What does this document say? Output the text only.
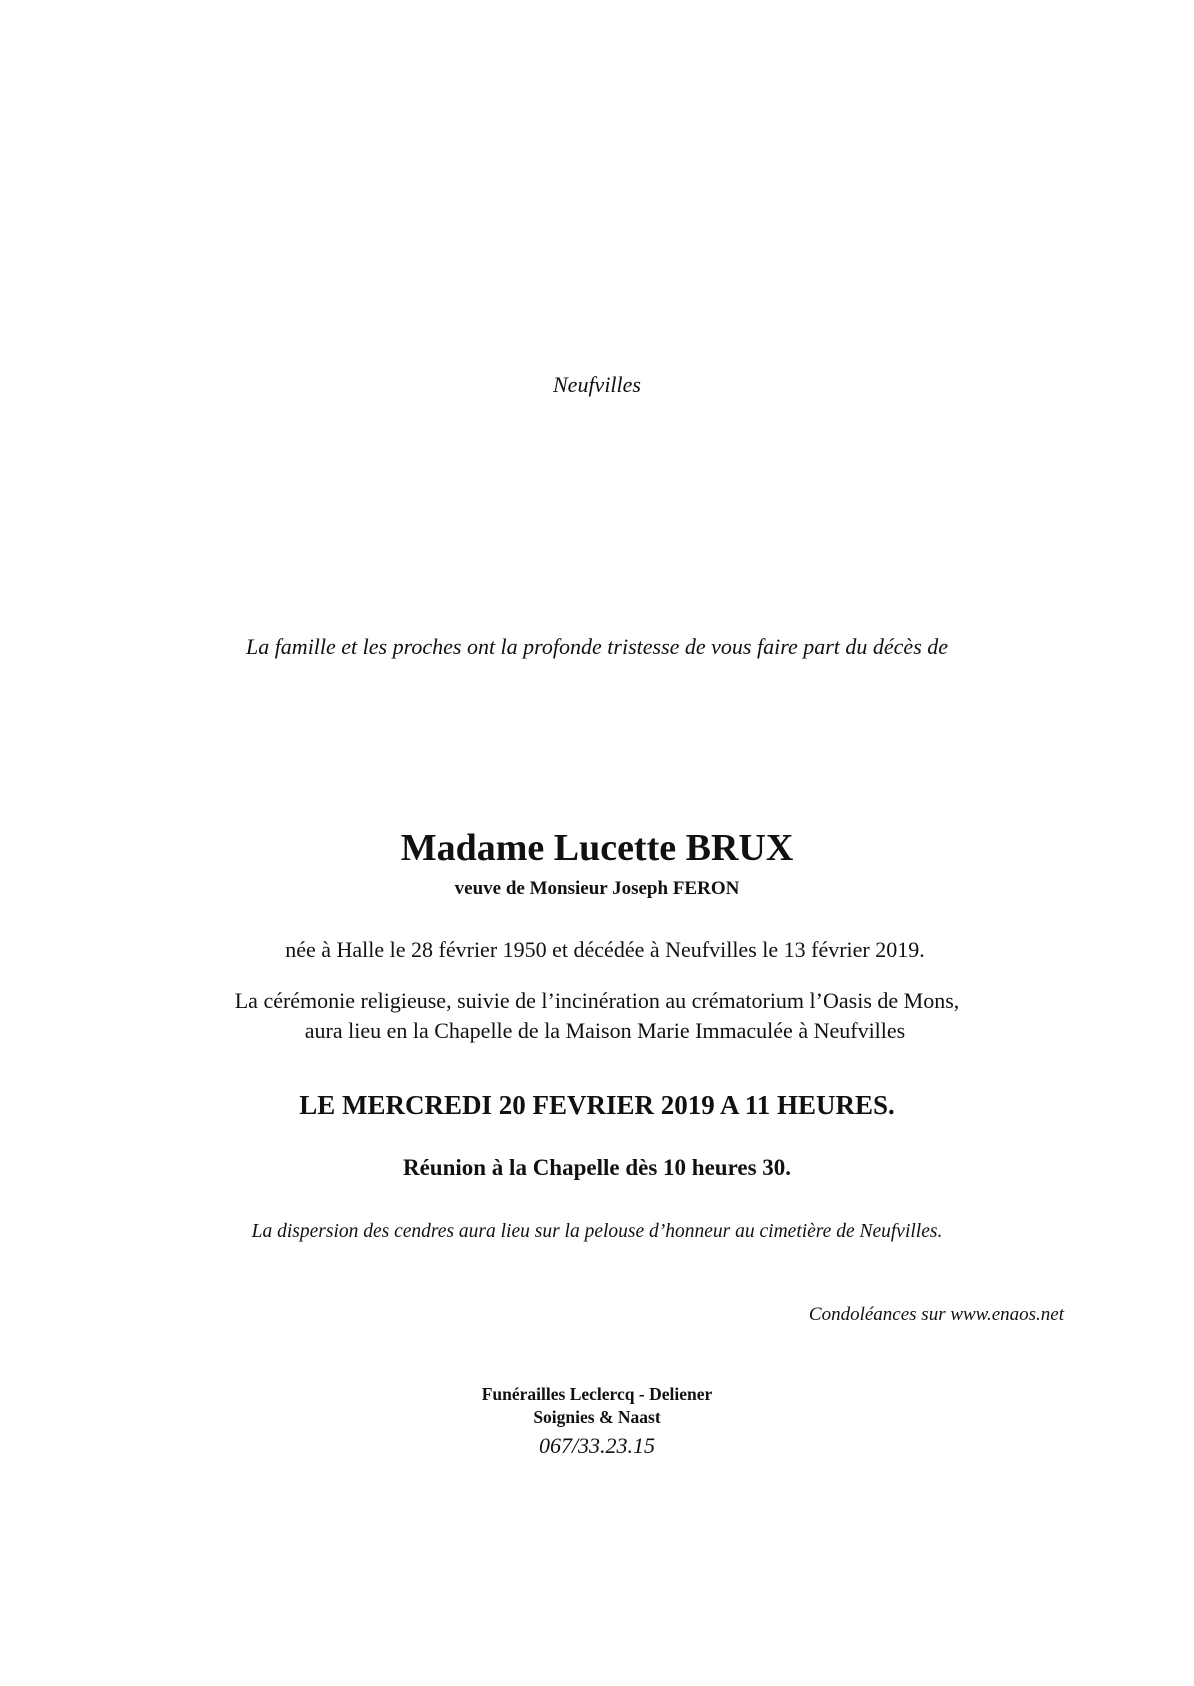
Neufvilles

La famille et les proches ont la profonde tristesse de vous faire part du décès de

Madame Lucette BRUX

veuve de Monsieur Joseph FERON

née à Halle le 28 février 1950 et décédée à Neufvilles le 13 février 2019.

La cérémonie religieuse, suivie de l’incinération au crématorium l’Oasis de Mons,

aura lieu en la Chapelle de la Maison Marie Immaculée à Neufvilles

LE MERCREDI 20 FEVRIER 2019 A 11 HEURES.

Réunion à la Chapelle dès 10 heures 30.

La dispersion des cendres aura lieu sur la pelouse d’honneur au cimetière de Neufvilles.

Condoléances sur www.enaos.net

Funérailles Leclercq - Deliener

Soignies & Naast

067/33.23.15
